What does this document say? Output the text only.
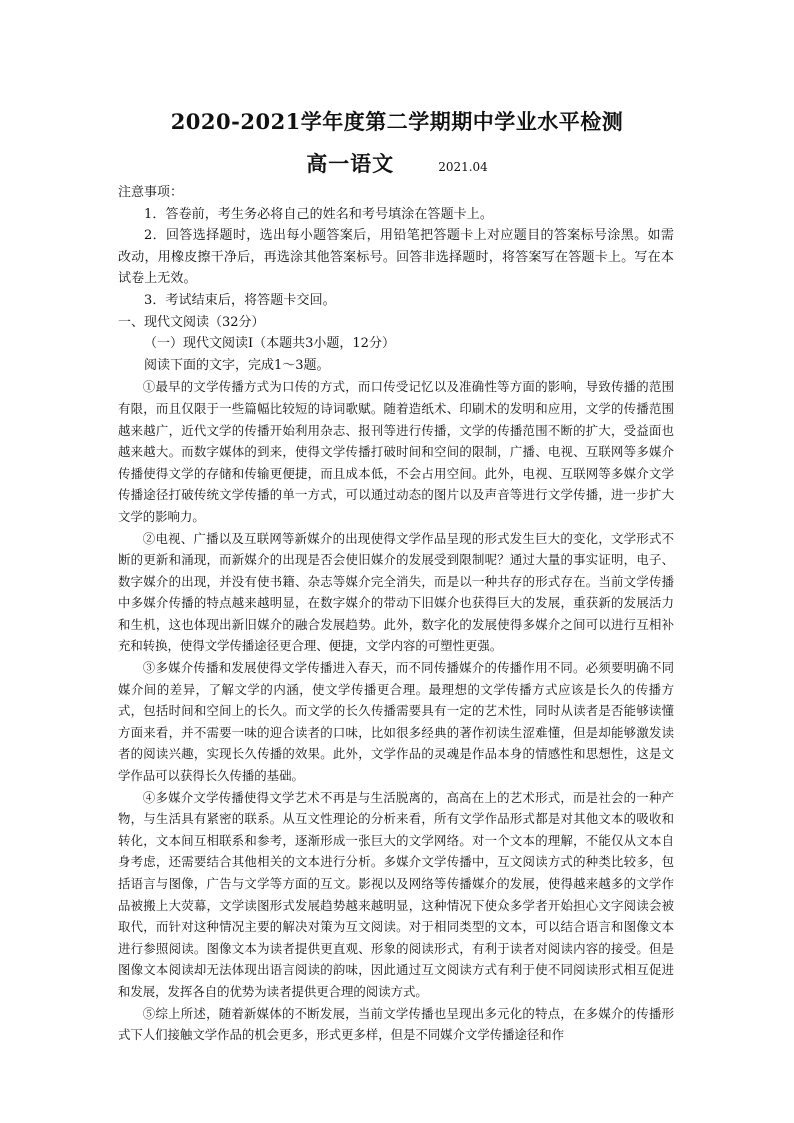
2020-2021学年度第二学期期中学业水平检测
高一语文	2021.04

注意事项：

1．答卷前，考生务必将自己的姓名和考号填涂在答题卡上。

2．回答选择题时，选出每小题答案后，用铅笔把答题卡上对应题目的答案标号涂黑。如需改动，用橡皮擦干净后，再选涂其他答案标号。回答非选择题时，将答案写在答题卡上。写在本试卷上无效。

3．考试结束后，将答题卡交回。

一、现代文阅读（32分）

（一）现代文阅读Ⅰ（本题共3小题，12分）

阅读下面的文字，完成1～3题。

①最早的文学传播方式为口传的方式，而口传受记忆以及准确性等方面的影响，导致传播的范围有限，而且仅限于一些篇幅比较短的诗词歌赋。随着造纸术、印刷术的发明和应用，文学的传播范围越来越广，近代文学的传播开始利用杂志、报刊等进行传播，文学的传播范围不断的扩大，受益面也越来越大。而数字媒体的到来，使得文学传播打破时间和空间的限制，广播、电视、互联网等多媒介传播使得文学的存储和传输更便捷，而且成本低，不会占用空间。此外，电视、互联网等多媒介文学传播途径打破传统文学传播的单一方式，可以通过动态的图片以及声音等进行文学传播，进一步扩大文学的影响力。

②电视、广播以及互联网等新媒介的出现使得文学作品呈现的形式发生巨大的变化，文学形式不断的更新和涌现，而新媒介的出现是否会使旧媒介的发展受到限制呢？通过大量的事实证明，电子、数字媒介的出现，并没有使书籍、杂志等媒介完全消失，而是以一种共存的形式存在。当前文学传播中多媒介传播的特点越来越明显，在数字媒介的带动下旧媒介也获得巨大的发展，重获新的发展活力和生机，这也体现出新旧媒介的融合发展趋势。此外，数字化的发展使得多媒介之间可以进行互相补充和转换，使得文学传播途径更合理、便捷，文学内容的可塑性更强。

③多媒介传播和发展使得文学传播进入春天，而不同传播媒介的传播作用不同。必须要明确不同媒介间的差异，了解文学的内涵，使文学传播更合理。最理想的文学传播方式应该是长久的传播方式，包括时间和空间上的长久。而文学的长久传播需要具有一定的艺术性，同时从读者是否能够读懂方面来看，并不需要一味的迎合读者的口味，比如很多经典的著作初读生涩难懂，但是却能够激发读者的阅读兴趣，实现长久传播的效果。此外，文学作品的灵魂是作品本身的情感性和思想性，这是文学作品可以获得长久传播的基础。

④多媒介文学传播使得文学艺术不再是与生活脱离的，高高在上的艺术形式，而是社会的一种产物，与生活具有紧密的联系。从互文性理论的分析来看，所有文学作品形式都是对其他文本的吸收和转化，文本间互相联系和参考，逐渐形成一张巨大的文学网络。对一个文本的理解，不能仅从文本自身考虑，还需要结合其他相关的文本进行分析。多媒介文学传播中，互文阅读方式的种类比较多，包括语言与图像，广告与文学等方面的互文。影视以及网络等传播媒介的发展，使得越来越多的文学作品被搬上大荧幕，文学读图形式发展趋势越来越明显，这种情况下使众多学者开始担心文字阅读会被取代，而针对这种情况主要的解决对策为互文阅读。对于相同类型的文本，可以结合语言和图像文本进行参照阅读。图像文本为读者提供更直观、形象的阅读形式，有利于读者对阅读内容的接受。但是图像文本阅读却无法体现出语言阅读的韵味，因此通过互文阅读方式有利于使不同阅读形式相互促进和发展，发挥各自的优势为读者提供更合理的阅读方式。

⑤综上所述，随着新媒体的不断发展，当前文学传播也呈现出多元化的特点，在多媒介的传播形式下人们接触文学作品的机会更多，形式更多样，但是不同媒介文学传播途径和作
